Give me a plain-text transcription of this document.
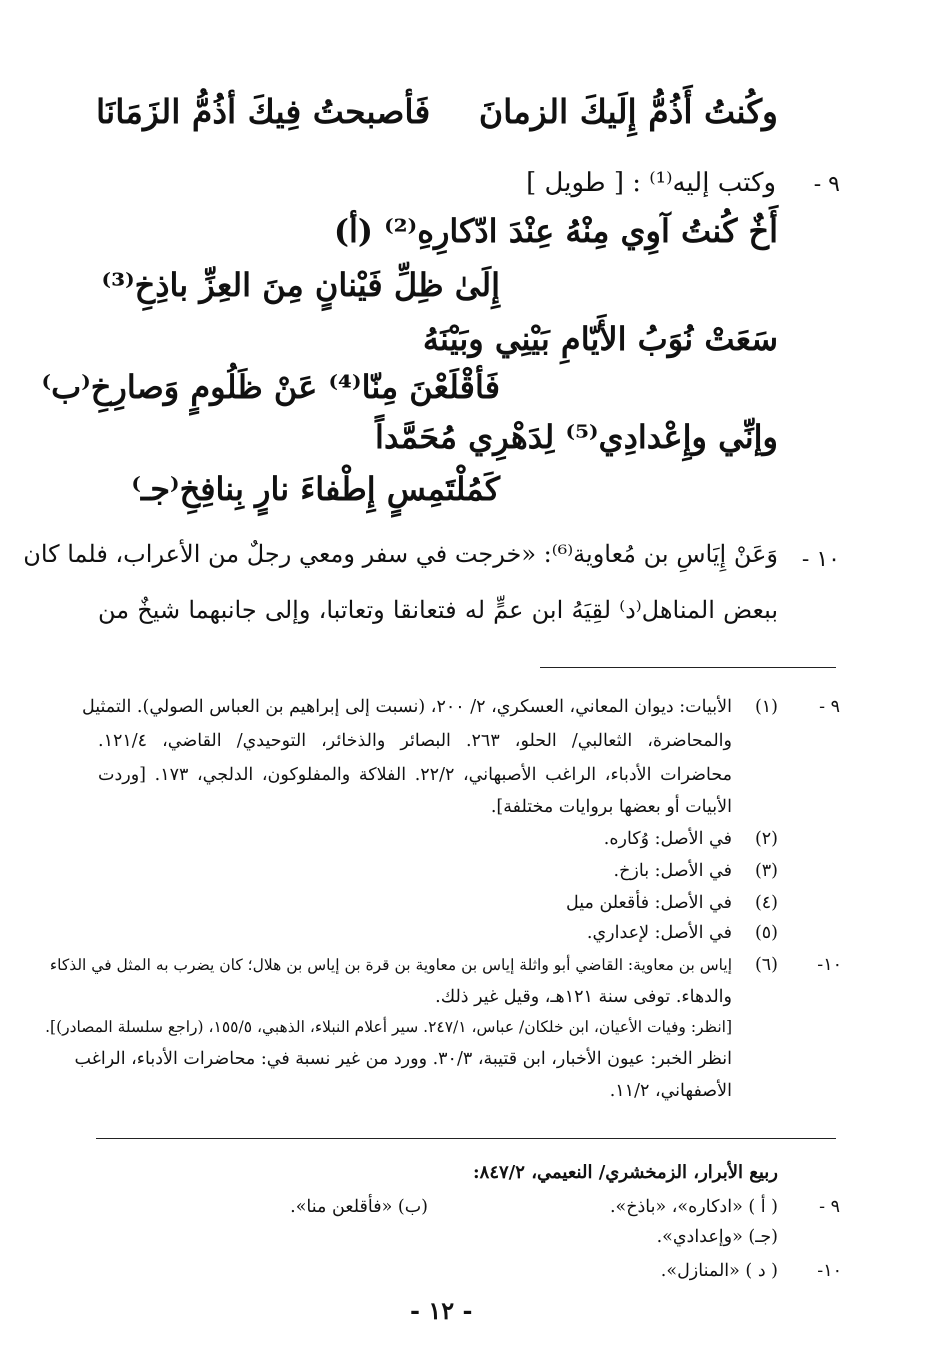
وكُنتُ أَذُمُّ إِلَيكَ الزمانَ
فَأصبحتُ فِيكَ أذُمُّ الزَمَانَا
٩ -
وكتب إليه⁽¹⁾ : [ طويل ]
أَخٌ كُنتُ آوِي مِنْهُ عِنْدَ ادّكارِهِ⁽²⁾ (أ)
إِلَىٰ ظِلِّ فَيْنانٍ مِنَ العِزِّ باذِخِ⁽³⁾
سَعَتْ نُوَبُ الأَيّامِ بَيْنِي وبَيْنَهُ
فَأقْلَعْنَ مِنّا⁽⁴⁾ عَنْ ظَلُومٍ وَصارِخِ⁽ب⁾
وإنِّي وإِعْدادِي⁽⁵⁾ لِدَهْرِي مُحَمَّداً
كَمُلْتَمِسٍ إِطْفاءَ نارٍ بِنافِخِ⁽جـ⁾
١٠ -
وَعَنْ إِيَاسِ بن مُعاوية⁽⁶⁾: «خرجت في سفر ومعي رجلٌ من الأعراب، فلما كان
ببعض المناهل⁽د⁾ لقِيَهُ ابن عمٍّ له فتعانقا وتعاتبا، وإلى جانبهما شيخٌ من
٩ -
(١)
الأبيات: ديوان المعاني، العسكري، ٢/ ٢٠٠، (نسبت إلى إبراهيم بن العباس الصولي). التمثيل
والمحاضرة، الثعالبي/ الحلو، ٢٦٣. البصائر والذخائر، التوحيدي/ القاضي، ١٢١/٤.
محاضرات الأدباء، الراغب الأصبهاني، ٢٢/٢. الفلاكة والمفلوكون، الدلجي، ١٧٣. [وردت
الأبيات أو بعضها بروايات مختلفة].
(٢)
في الأصل: وُكاره.
(٣)
في الأصل: بازخ.
(٤)
في الأصل: فأقعلن ميل
(٥)
في الأصل: لإعداري.
١٠-
(٦)
إياس بن معاوية: القاضي أبو واثلة إياس بن معاوية بن قرة بن إياس بن هلال؛ كان يضرب به المثل في الذكاء
والدهاء. توفى سنة ١٢١هـ، وقيل غير ذلك.
[انظر: وفيات الأعيان، ابن خلكان/ عباس، ٢٤٧/١. سير أعلام النبلاء، الذهبي، ١٥٥/٥، (راجع سلسلة المصادر)].
انظر الخبر: عيون الأخبار، ابن قتيبة، ٣٠/٣. وورد من غير نسبة في: محاضرات الأدباء، الراغب
الأصفهاني، ١١/٢.
ربيع الأبرار، الزمخشري/ النعيمي، ٨٤٧/٢:
٩ -
( أ ) «ادكاره»، «باذخ».
(ب) «فأقلعن منا».
(جـ) «وإعدادي».
١٠-
( د ) «المنازل».
- ١٢ -
